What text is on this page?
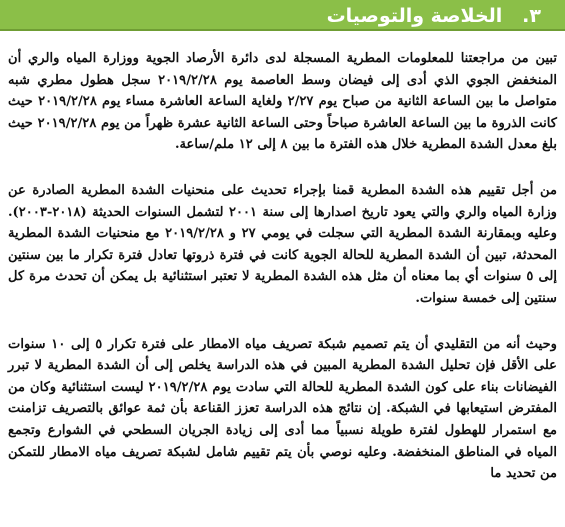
٣.   الخلاصة والتوصيات

تبين من مراجعتنا للمعلومات المطرية المسجلة لدى دائرة الأرصاد الجوية ووزارة المياه والري أن المنخفض الجوي الذي أدى إلى فيضان وسط العاصمة يوم ٢٠١٩/٢/٢٨ سجل هطول مطري شبه متواصل ما بين الساعة الثانية من صباح يوم ٢/٢٧ ولغاية الساعة العاشرة مساء يوم ٢٠١٩/٢/٢٨ حيث كانت الذروة ما بين الساعة العاشرة صباحاً وحتى الساعة الثانية عشرة ظهراً من يوم ٢٠١٩/٢/٢٨ حيث بلغ معدل الشدة المطرية خلال هذه الفترة ما بين ٨ إلى ١٢ ملم/ساعة.

من أجل تقييم هذه الشدة المطرية قمنا بإجراء تحديث على منحنيات الشدة المطرية الصادرة عن وزارة المياه والري والتي يعود تاريخ اصدارها إلى سنة ٢٠٠١ لتشمل السنوات الحديثة (٢٠١٨-٢٠٠٣). وعليه وبمقارنة الشدة المطرية التي سجلت في يومي ٢٧ و ٢٠١٩/٢/٢٨ مع منحنيات الشدة المطرية المحدثة، تبين أن الشدة المطرية للحالة الجوية كانت في فترة ذروتها تعادل فترة تكرار ما بين سنتين إلى ٥ سنوات أي بما معناه أن مثل هذه الشدة المطرية لا تعتبر استثنائية بل يمكن أن تحدث مرة كل سنتين إلى خمسة سنوات.

وحيث أنه من التقليدي أن يتم تصميم شبكة تصريف مياه الامطار على فترة تكرار ٥ إلى ١٠ سنوات على الأقل فإن تحليل الشدة المطرية المبين في هذه الدراسة يخلص إلى أن الشدة المطرية لا تبرر الفيضانات بناء على كون الشدة المطرية للحالة التي سادت يوم ٢٠١٩/٢/٢٨ ليست استثنائية وكان من المفترض استيعابها في الشبكة. إن نتائج هذه الدراسة تعزز القناعة بأن ثمة عوائق بالتصريف تزامنت مع استمرار للهطول لفترة طويلة نسبياً مما أدى إلى زيادة الجريان السطحي في الشوارع وتجمع المياه في المناطق المنخفضة. وعليه نوصي بأن يتم تقييم شامل لشبكة تصريف مياه الامطار للتمكن من تحديد ما
